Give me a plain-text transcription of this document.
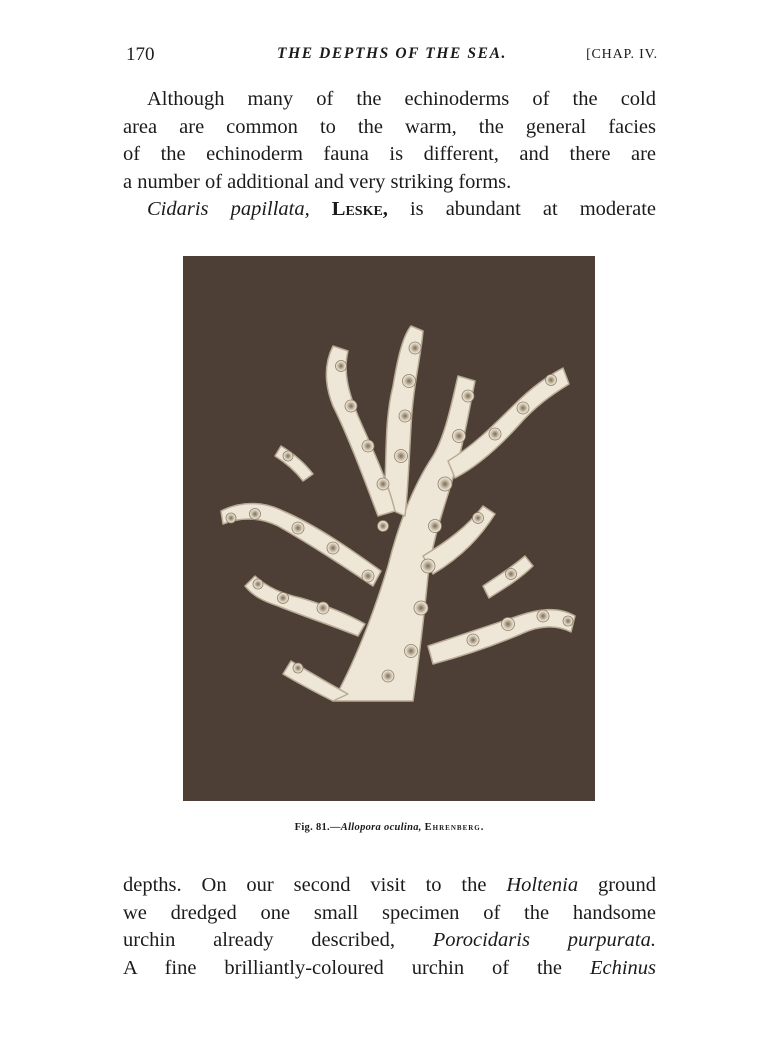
170	THE DEPTHS OF THE SEA.	[CHAP. IV.
Although many of the echinoderms of the cold
area are common to the warm, the general facies
of the echinoderm fauna is different, and there are
a number of additional and very striking forms.
Cidaris papillata, Leske, is abundant at moderate
Fig. 81.—Allopora oculina, Ehrenberg.
depths. On our second visit to the Holtenia ground
we dredged one small specimen of the handsome
urchin already described, Porocidaris purpurata.
A fine brilliantly-coloured urchin of the Echinus
